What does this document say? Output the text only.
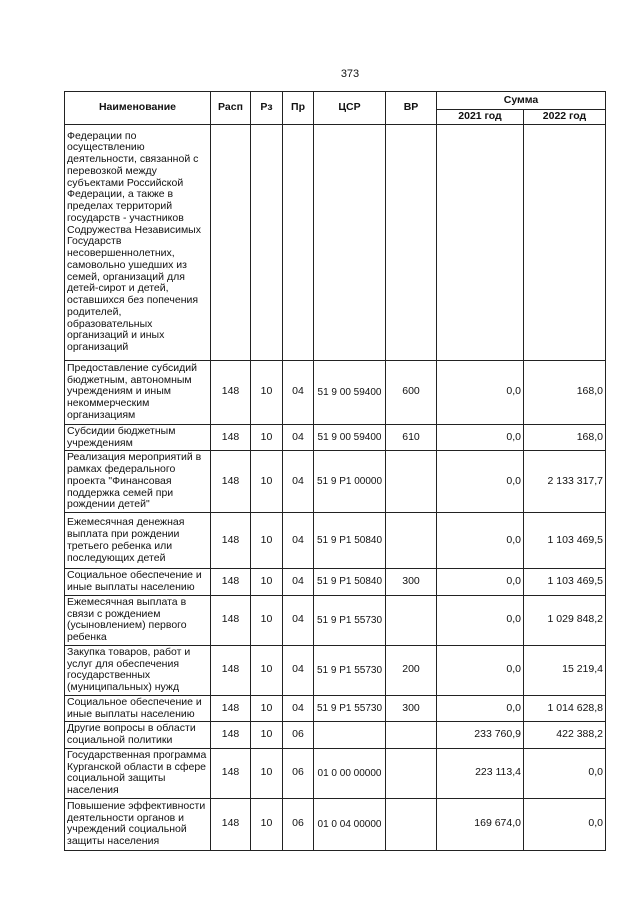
373
Наименование	Расп	Рз	Пр	ЦСР	ВР	Сумма	
						2021 год	2022 год
Федерации по осуществлению деятельности, связанной с перевозкой между субъектами Российской Федерации, а также в пределах территорий государств - участников Содружества Независимых Государств несовершеннолетних, самовольно ушедших из семей, организаций для детей-сирот и детей, оставшихся без попечения родителей, образовательных организаций и иных организаций							
Предоставление субсидий бюджетным, автономным учреждениям и иным некоммерческим организациям	148	10	04	51 9 00 59400	600	0,0	168,0
Субсидии бюджетным учреждениям	148	10	04	51 9 00 59400	610	0,0	168,0
Реализация мероприятий в рамках федерального проекта "Финансовая поддержка семей при рождении детей"	148	10	04	51 9 P1 00000		0,0	2 133 317,7
Ежемесячная денежная выплата при рождении третьего ребенка или последующих детей	148	10	04	51 9 P1 50840		0,0	1 103 469,5
Социальное обеспечение и иные выплаты населению	148	10	04	51 9 P1 50840	300	0,0	1 103 469,5
Ежемесячная выплата в связи с рождением (усыновлением) первого ребенка	148	10	04	51 9 P1 55730		0,0	1 029 848,2
Закупка товаров, работ и услуг для обеспечения государственных (муниципальных) нужд	148	10	04	51 9 P1 55730	200	0,0	15 219,4
Социальное обеспечение и иные выплаты населению	148	10	04	51 9 P1 55730	300	0,0	1 014 628,8
Другие вопросы в области социальной политики	148	10	06			233 760,9	422 388,2
Государственная программа Курганской области в сфере социальной защиты населения	148	10	06	01 0 00 00000		223 113,4	0,0
Повышение эффективности деятельности органов и учреждений социальной защиты населения	148	10	06	01 0 04 00000		169 674,0	0,0
